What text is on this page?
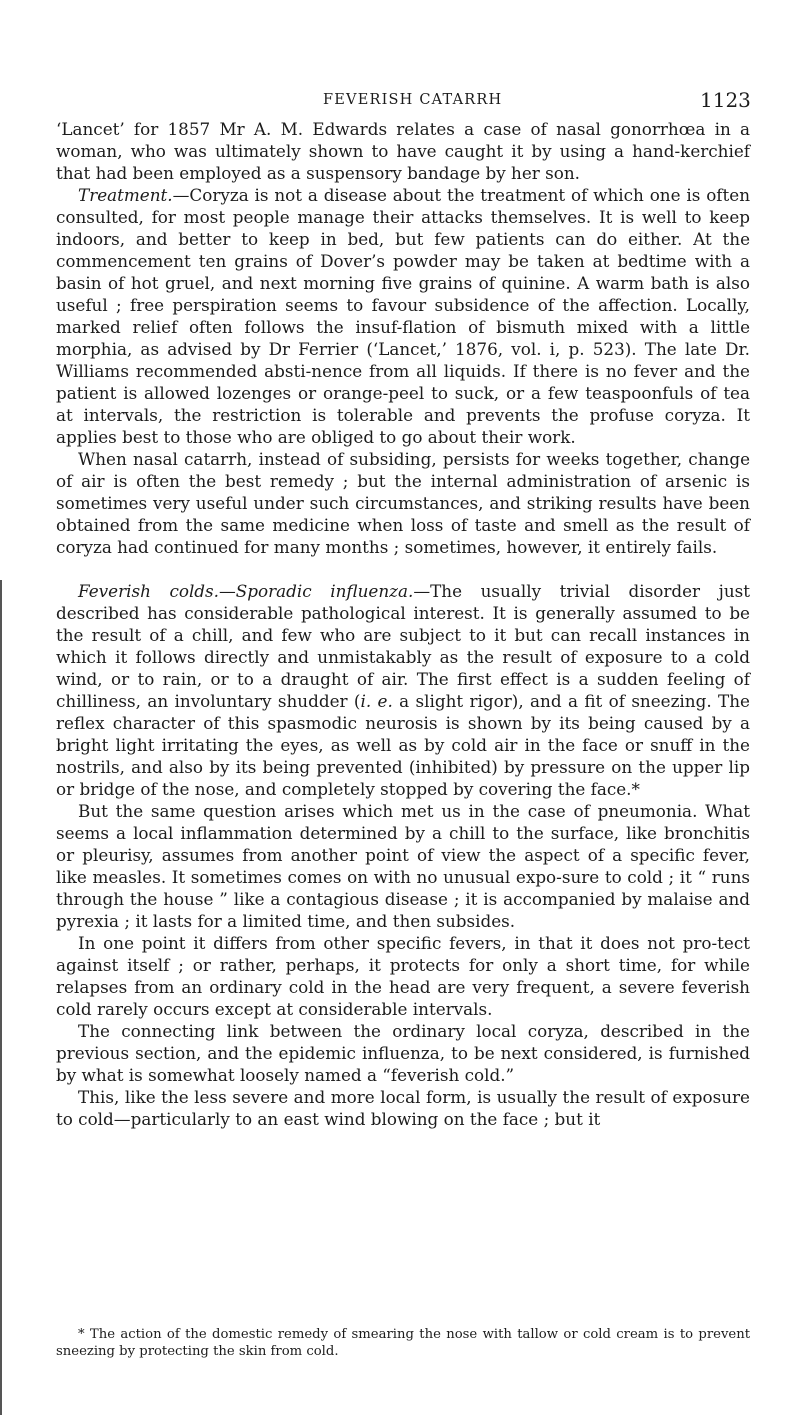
FEVERISH CATARRH	1123

‘Lancet’ for 1857 Mr A. M. Edwards relates a case of nasal gonorrhœa in a woman, who was ultimately shown to have caught it by using a hand-kerchief that had been employed as a suspensory bandage by her son.

Treatment.—Coryza is not a disease about the treatment of which one is often consulted, for most people manage their attacks themselves. It is well to keep indoors, and better to keep in bed, but few patients can do either. At the commencement ten grains of Dover’s powder may be taken at bedtime with a basin of hot gruel, and next morning five grains of quinine. A warm bath is also useful ; free perspiration seems to favour subsidence of the affection. Locally, marked relief often follows the insuf-flation of bismuth mixed with a little morphia, as advised by Dr Ferrier (‘Lancet,’ 1876, vol. i, p. 523). The late Dr. Williams recommended absti-nence from all liquids. If there is no fever and the patient is allowed lozenges or orange-peel to suck, or a few teaspoonfuls of tea at intervals, the restriction is tolerable and prevents the profuse coryza. It applies best to those who are obliged to go about their work.

When nasal catarrh, instead of subsiding, persists for weeks together, change of air is often the best remedy ; but the internal administration of arsenic is sometimes very useful under such circumstances, and striking results have been obtained from the same medicine when loss of taste and smell as the result of coryza had continued for many months ; sometimes, however, it entirely fails.

Feverish colds.—Sporadic influenza.—The usually trivial disorder just described has considerable pathological interest. It is generally assumed to be the result of a chill, and few who are subject to it but can recall instances in which it follows directly and unmistakably as the result of exposure to a cold wind, or to rain, or to a draught of air. The first effect is a sudden feeling of chilliness, an involuntary shudder (i. e. a slight rigor), and a fit of sneezing. The reflex character of this spasmodic neurosis is shown by its being caused by a bright light irritating the eyes, as well as by cold air in the face or snuff in the nostrils, and also by its being prevented (inhibited) by pressure on the upper lip or bridge of the nose, and completely stopped by covering the face.*

But the same question arises which met us in the case of pneumonia. What seems a local inflammation determined by a chill to the surface, like bronchitis or pleurisy, assumes from another point of view the aspect of a specific fever, like measles. It sometimes comes on with no unusual expo-sure to cold ; it “ runs through the house ” like a contagious disease ; it is accompanied by malaise and pyrexia ; it lasts for a limited time, and then subsides.

In one point it differs from other specific fevers, in that it does not pro-tect against itself ; or rather, perhaps, it protects for only a short time, for while relapses from an ordinary cold in the head are very frequent, a severe feverish cold rarely occurs except at considerable intervals.

The connecting link between the ordinary local coryza, described in the previous section, and the epidemic influenza, to be next considered, is furnished by what is somewhat loosely named a “feverish cold.”

This, like the less severe and more local form, is usually the result of exposure to cold—particularly to an east wind blowing on the face ; but it

* The action of the domestic remedy of smearing the nose with tallow or cold cream is to prevent sneezing by protecting the skin from cold.
